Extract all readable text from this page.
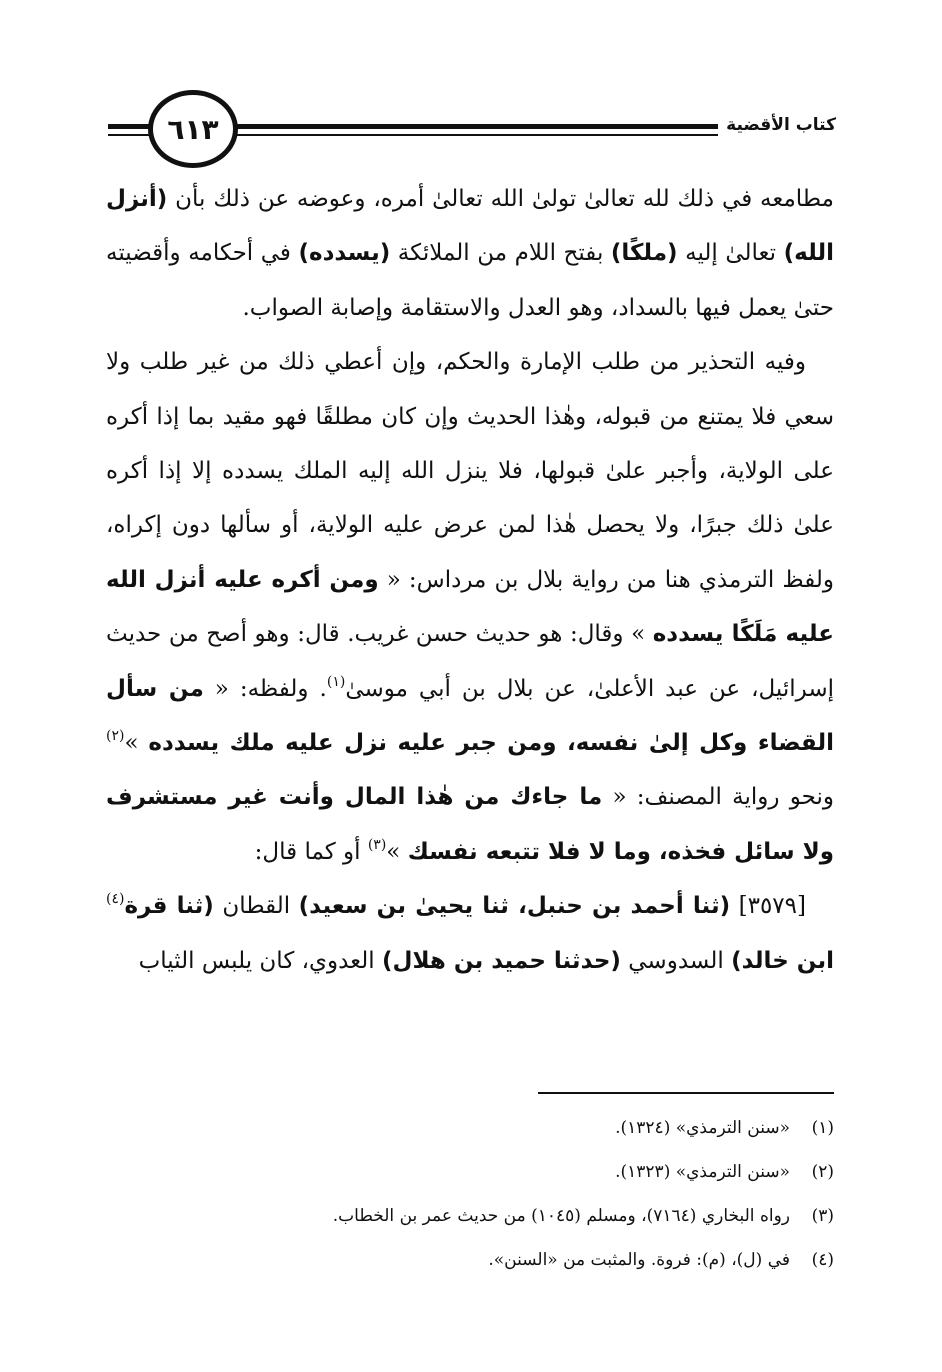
كتاب الأقضية
٦١٣

مطامعه في ذلك لله تعالىٰ تولىٰ الله تعالىٰ أمره، وعوضه عن ذلك بأن (أنزل الله) تعالىٰ إليه (ملكًا) بفتح اللام من الملائكة (يسدده) في أحكامه وأقضيته حتىٰ يعمل فيها بالسداد، وهو العدل والاستقامة وإصابة الصواب.

وفيه التحذير من طلب الإمارة والحكم، وإن أعطي ذلك من غير طلب ولا سعي فلا يمتنع من قبوله، وهٰذا الحديث وإن كان مطلقًا فهو مقيد بما إذا أكره على الولاية، وأجبر علىٰ قبولها، فلا ينزل الله إليه الملك يسدده إلا إذا أكره علىٰ ذلك جبرًا، ولا يحصل هٰذا لمن عرض عليه الولاية، أو سألها دون إكراه، ولفظ الترمذي هنا من رواية بلال بن مرداس: « ومن أكره عليه أنزل الله عليه مَلَكًا يسدده » وقال: هو حديث حسن غريب. قال: وهو أصح من حديث إسرائيل، عن عبد الأعلىٰ، عن بلال بن أبي موسىٰ$^{(١)}$. ولفظه: « من سأل القضاء وكل إلىٰ نفسه، ومن جبر عليه نزل عليه ملك يسدده »$^{(٢)}$ ونحو رواية المصنف: « ما جاءك من هٰذا المال وأنت غير مستشرف ولا سائل فخذه، وما لا فلا تتبعه نفسك »$^{(٣)}$ أو كما قال:

[٣٥٧٩] (ثنا أحمد بن حنبل، ثنا يحيىٰ بن سعيد) القطان (ثنا قرة$^{(٤)}$ ابن خالد) السدوسي (حدثنا حميد بن هلال) العدوي، كان يلبس الثياب

(١)
«سنن الترمذي» (١٣٢٤).
(٢)
«سنن الترمذي» (١٣٢٣).
(٣)
رواه البخاري (٧١٦٤)، ومسلم (١٠٤٥) من حديث عمر بن الخطاب.
(٤)
في (ل)، (م): فروة. والمثبت من «السنن».
